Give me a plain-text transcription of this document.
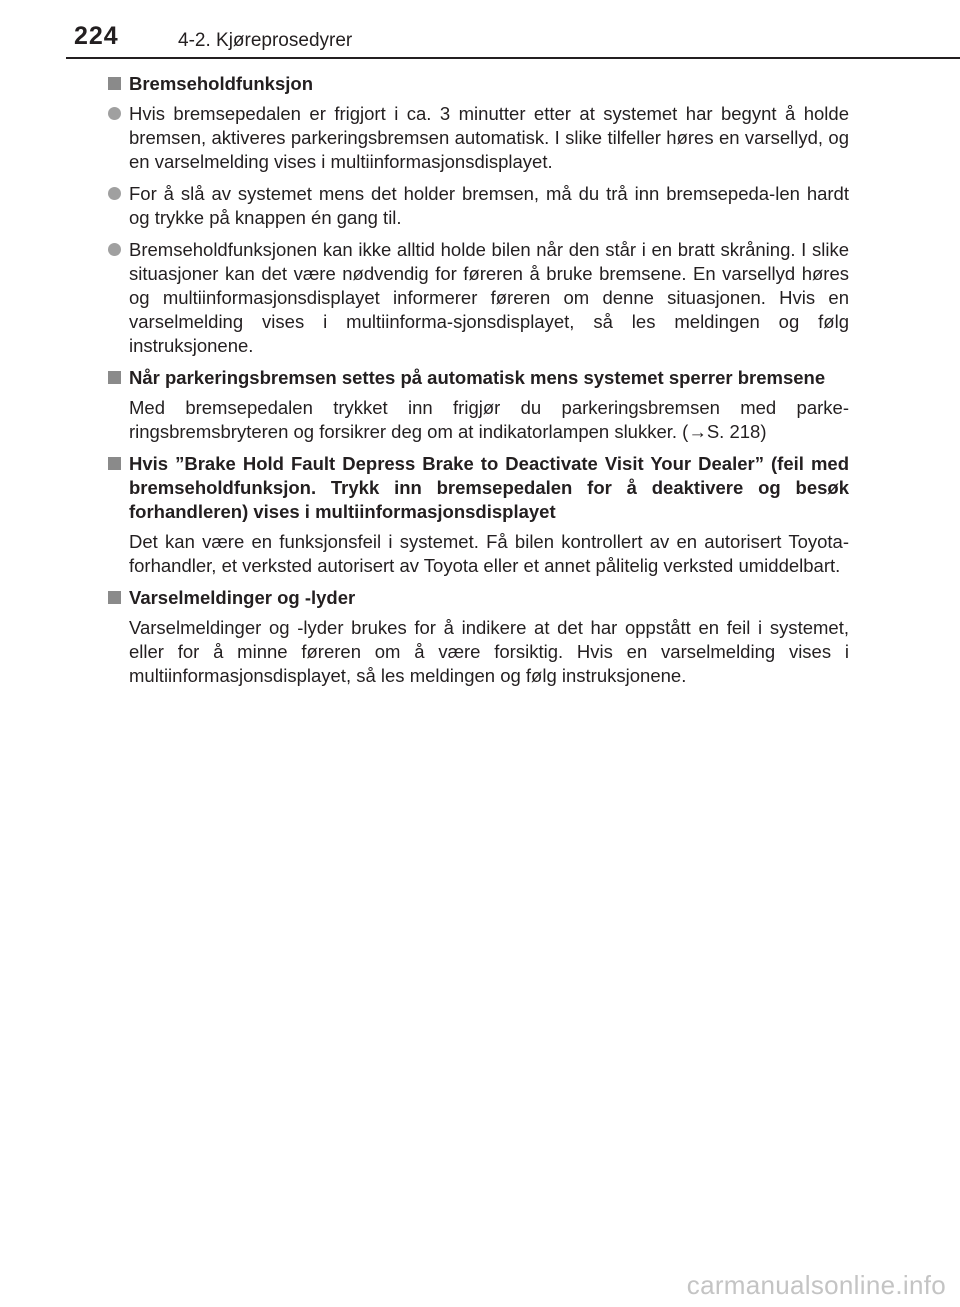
224	4-2. Kjøreprosedyrer
Bremseholdfunksjon
Hvis bremsepedalen er frigjort i ca. 3 minutter etter at systemet har begynt å holde bremsen, aktiveres parkeringsbremsen automatisk. I slike tilfeller høres en varsellyd, og en varselmelding vises i multiinformasjonsdisplayet.
For å slå av systemet mens det holder bremsen, må du trå inn bremsepeda-len hardt og trykke på knappen én gang til.
Bremseholdfunksjonen kan ikke alltid holde bilen når den står i en bratt skråning. I slike situasjoner kan det være nødvendig for føreren å bruke bremsene. En varsellyd høres og multiinformasjonsdisplayet informerer føreren om denne situasjonen. Hvis en varselmelding vises i multiinforma-sjonsdisplayet, så les meldingen og følg instruksjonene.
Når parkeringsbremsen settes på automatisk mens systemet sperrer bremsene
Med bremsepedalen trykket inn frigjør du parkeringsbremsen med parke-ringsbremsbryteren og forsikrer deg om at indikatorlampen slukker. (→S. 218)
Hvis ”Brake Hold Fault Depress Brake to Deactivate Visit Your Dealer” (feil med bremseholdfunksjon. Trykk inn bremsepedalen for å deaktivere og besøk forhandleren) vises i multiinformasjonsdisplayet
Det kan være en funksjonsfeil i systemet. Få bilen kontrollert av en autorisert Toyota-forhandler, et verksted autorisert av Toyota eller et annet pålitelig verksted umiddelbart.
Varselmeldinger og -lyder
Varselmeldinger og -lyder brukes for å indikere at det har oppstått en feil i systemet, eller for å minne føreren om å være forsiktig. Hvis en varselmelding vises i multiinformasjonsdisplayet, så les meldingen og følg instruksjonene.
carmanualsonline.info
